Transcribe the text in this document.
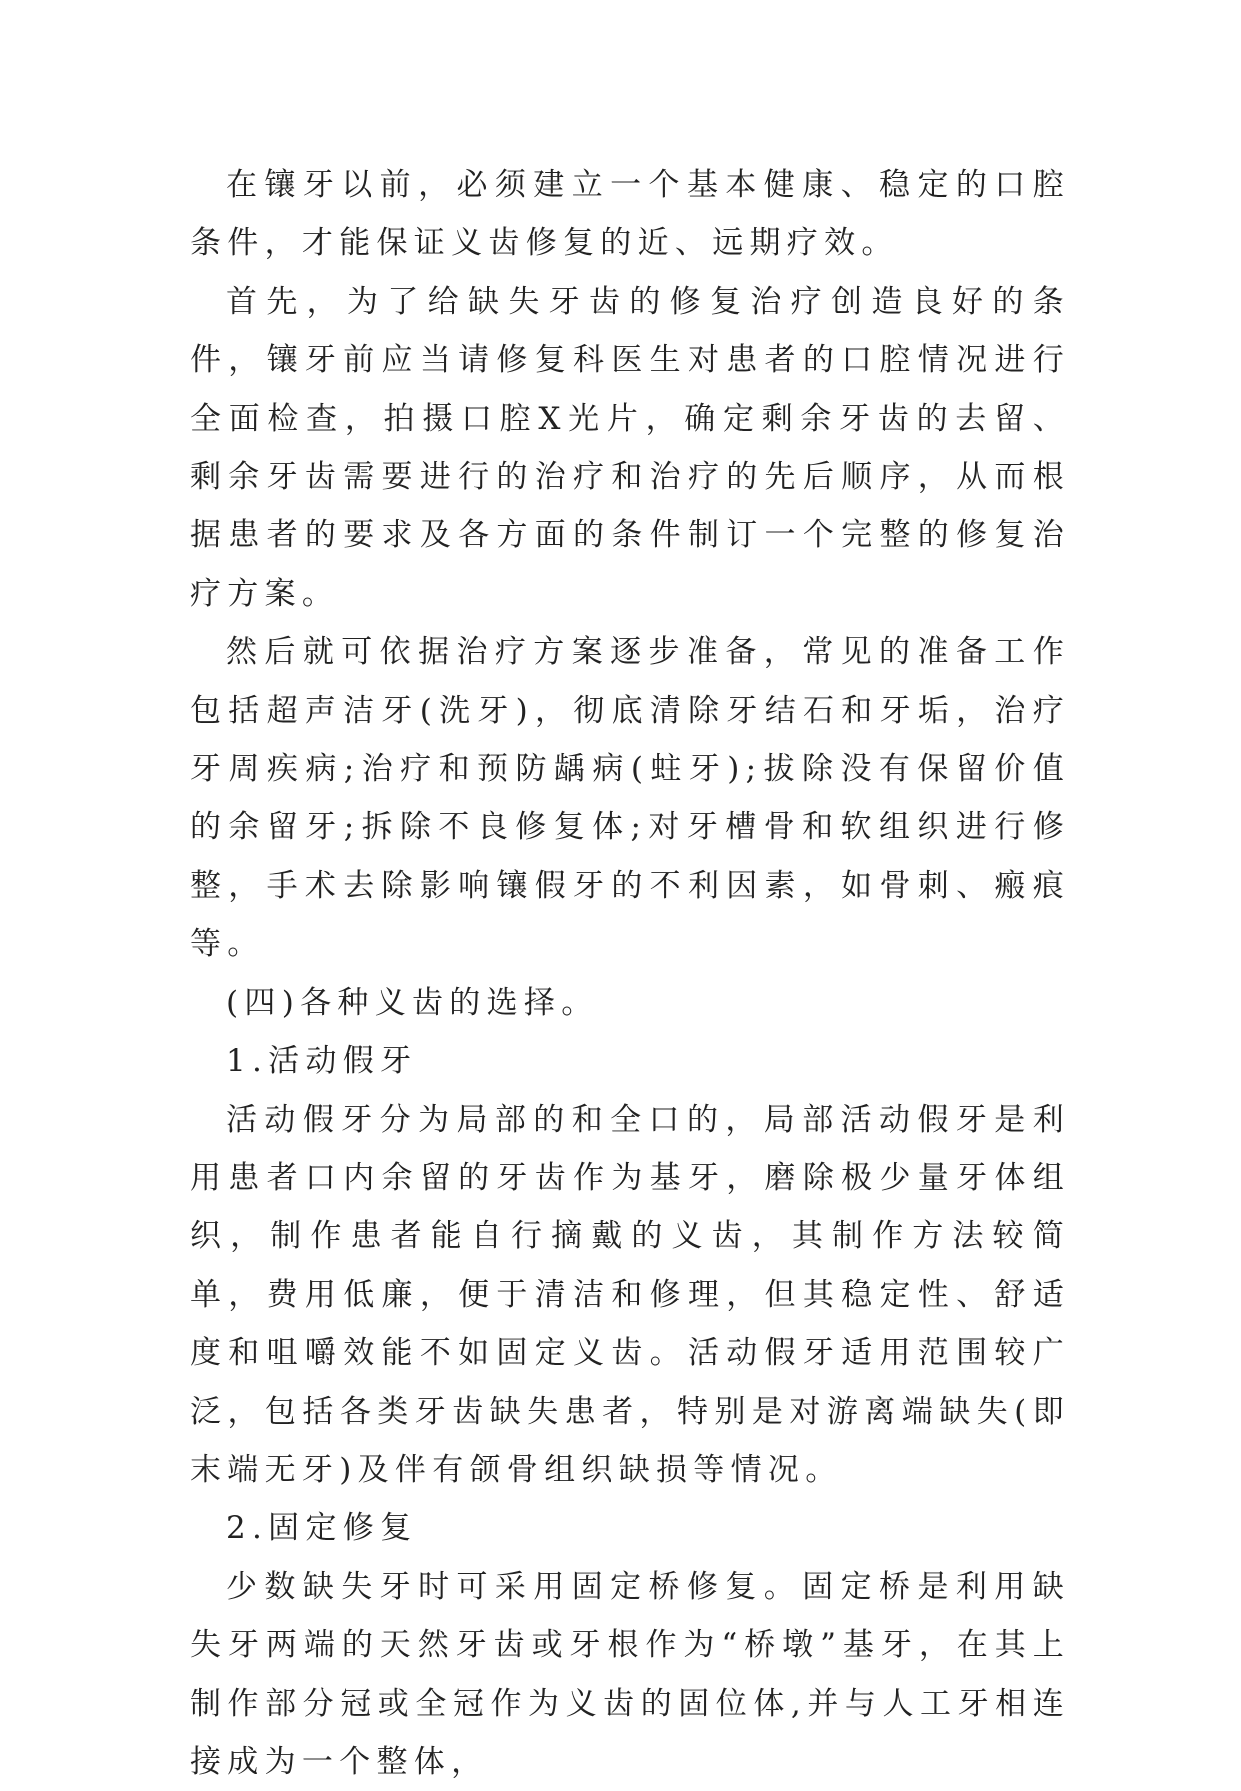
在镶牙以前，必须建立一个基本健康、稳定的口腔条件，才能保证义齿修复的近、远期疗效。

首先，为了给缺失牙齿的修复治疗创造良好的条件，镶牙前应当请修复科医生对患者的口腔情况进行全面检查，拍摄口腔X光片，确定剩余牙齿的去留、剩余牙齿需要进行的治疗和治疗的先后顺序，从而根据患者的要求及各方面的条件制订一个完整的修复治疗方案。

然后就可依据治疗方案逐步准备，常见的准备工作包括超声洁牙(洗牙)，彻底清除牙结石和牙垢，治疗牙周疾病;治疗和预防龋病(蛀牙);拔除没有保留价值的余留牙;拆除不良修复体;对牙槽骨和软组织进行修整，手术去除影响镶假牙的不利因素，如骨刺、瘢痕等。

(四)各种义齿的选择。

1.活动假牙

活动假牙分为局部的和全口的，局部活动假牙是利用患者口内余留的牙齿作为基牙，磨除极少量牙体组织，制作患者能自行摘戴的义齿，其制作方法较简单，费用低廉，便于清洁和修理，但其稳定性、舒适度和咀嚼效能不如固定义齿。活动假牙适用范围较广泛，包括各类牙齿缺失患者，特别是对游离端缺失(即末端无牙)及伴有颌骨组织缺损等情况。

2.固定修复

少数缺失牙时可采用固定桥修复。固定桥是利用缺失牙两端的天然牙齿或牙根作为“桥墩”基牙，在其上制作部分冠或全冠作为义齿的固位体,并与人工牙相连接成为一个整体，
